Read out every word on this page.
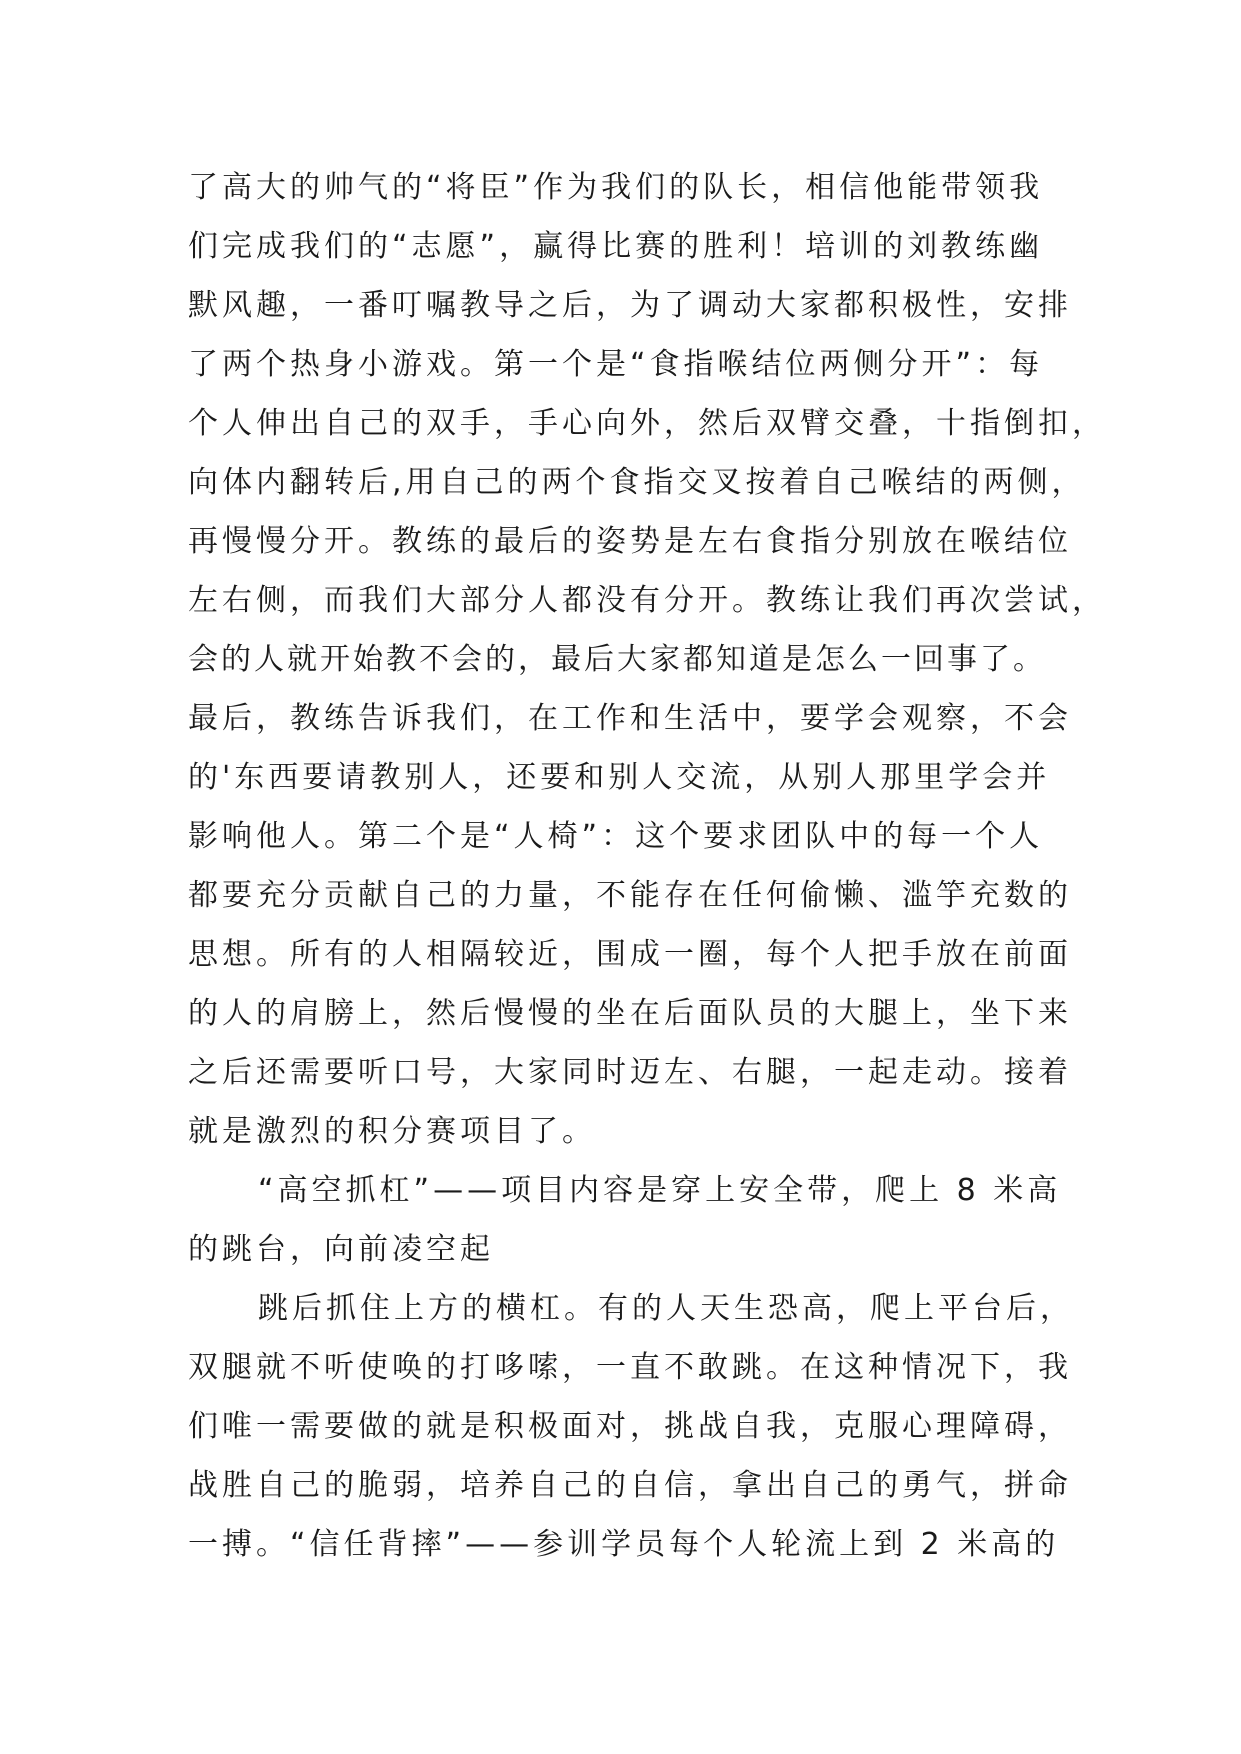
了高大的帅气的“将臣”作为我们的队长，相信他能带领我
们完成我们的“志愿”，赢得比赛的胜利！培训的刘教练幽
默风趣，一番叮嘱教导之后，为了调动大家都积极性，安排
了两个热身小游戏。第一个是“食指喉结位两侧分开”：每
个人伸出自己的双手，手心向外，然后双臂交叠，十指倒扣，
向体内翻转后,用自己的两个食指交叉按着自己喉结的两侧，
再慢慢分开。教练的最后的姿势是左右食指分别放在喉结位
左右侧，而我们大部分人都没有分开。教练让我们再次尝试，
会的人就开始教不会的，最后大家都知道是怎么一回事了。
最后，教练告诉我们，在工作和生活中，要学会观察，不会
的'东西要请教别人，还要和别人交流，从别人那里学会并
影响他人。第二个是“人椅”：这个要求团队中的每一个人
都要充分贡献自己的力量，不能存在任何偷懒、滥竽充数的
思想。所有的人相隔较近，围成一圈，每个人把手放在前面
的人的肩膀上，然后慢慢的坐在后面队员的大腿上，坐下来
之后还需要听口号，大家同时迈左、右腿，一起走动。接着
就是激烈的积分赛项目了。
“高空抓杠”——项目内容是穿上安全带，爬上 8 米高
的跳台，向前凌空起
跳后抓住上方的横杠。有的人天生恐高，爬上平台后，
双腿就不听使唤的打哆嗦，一直不敢跳。在这种情况下，我
们唯一需要做的就是积极面对，挑战自我，克服心理障碍，
战胜自己的脆弱，培养自己的自信，拿出自己的勇气，拼命
一搏。“信任背摔”——参训学员每个人轮流上到 2 米高的
